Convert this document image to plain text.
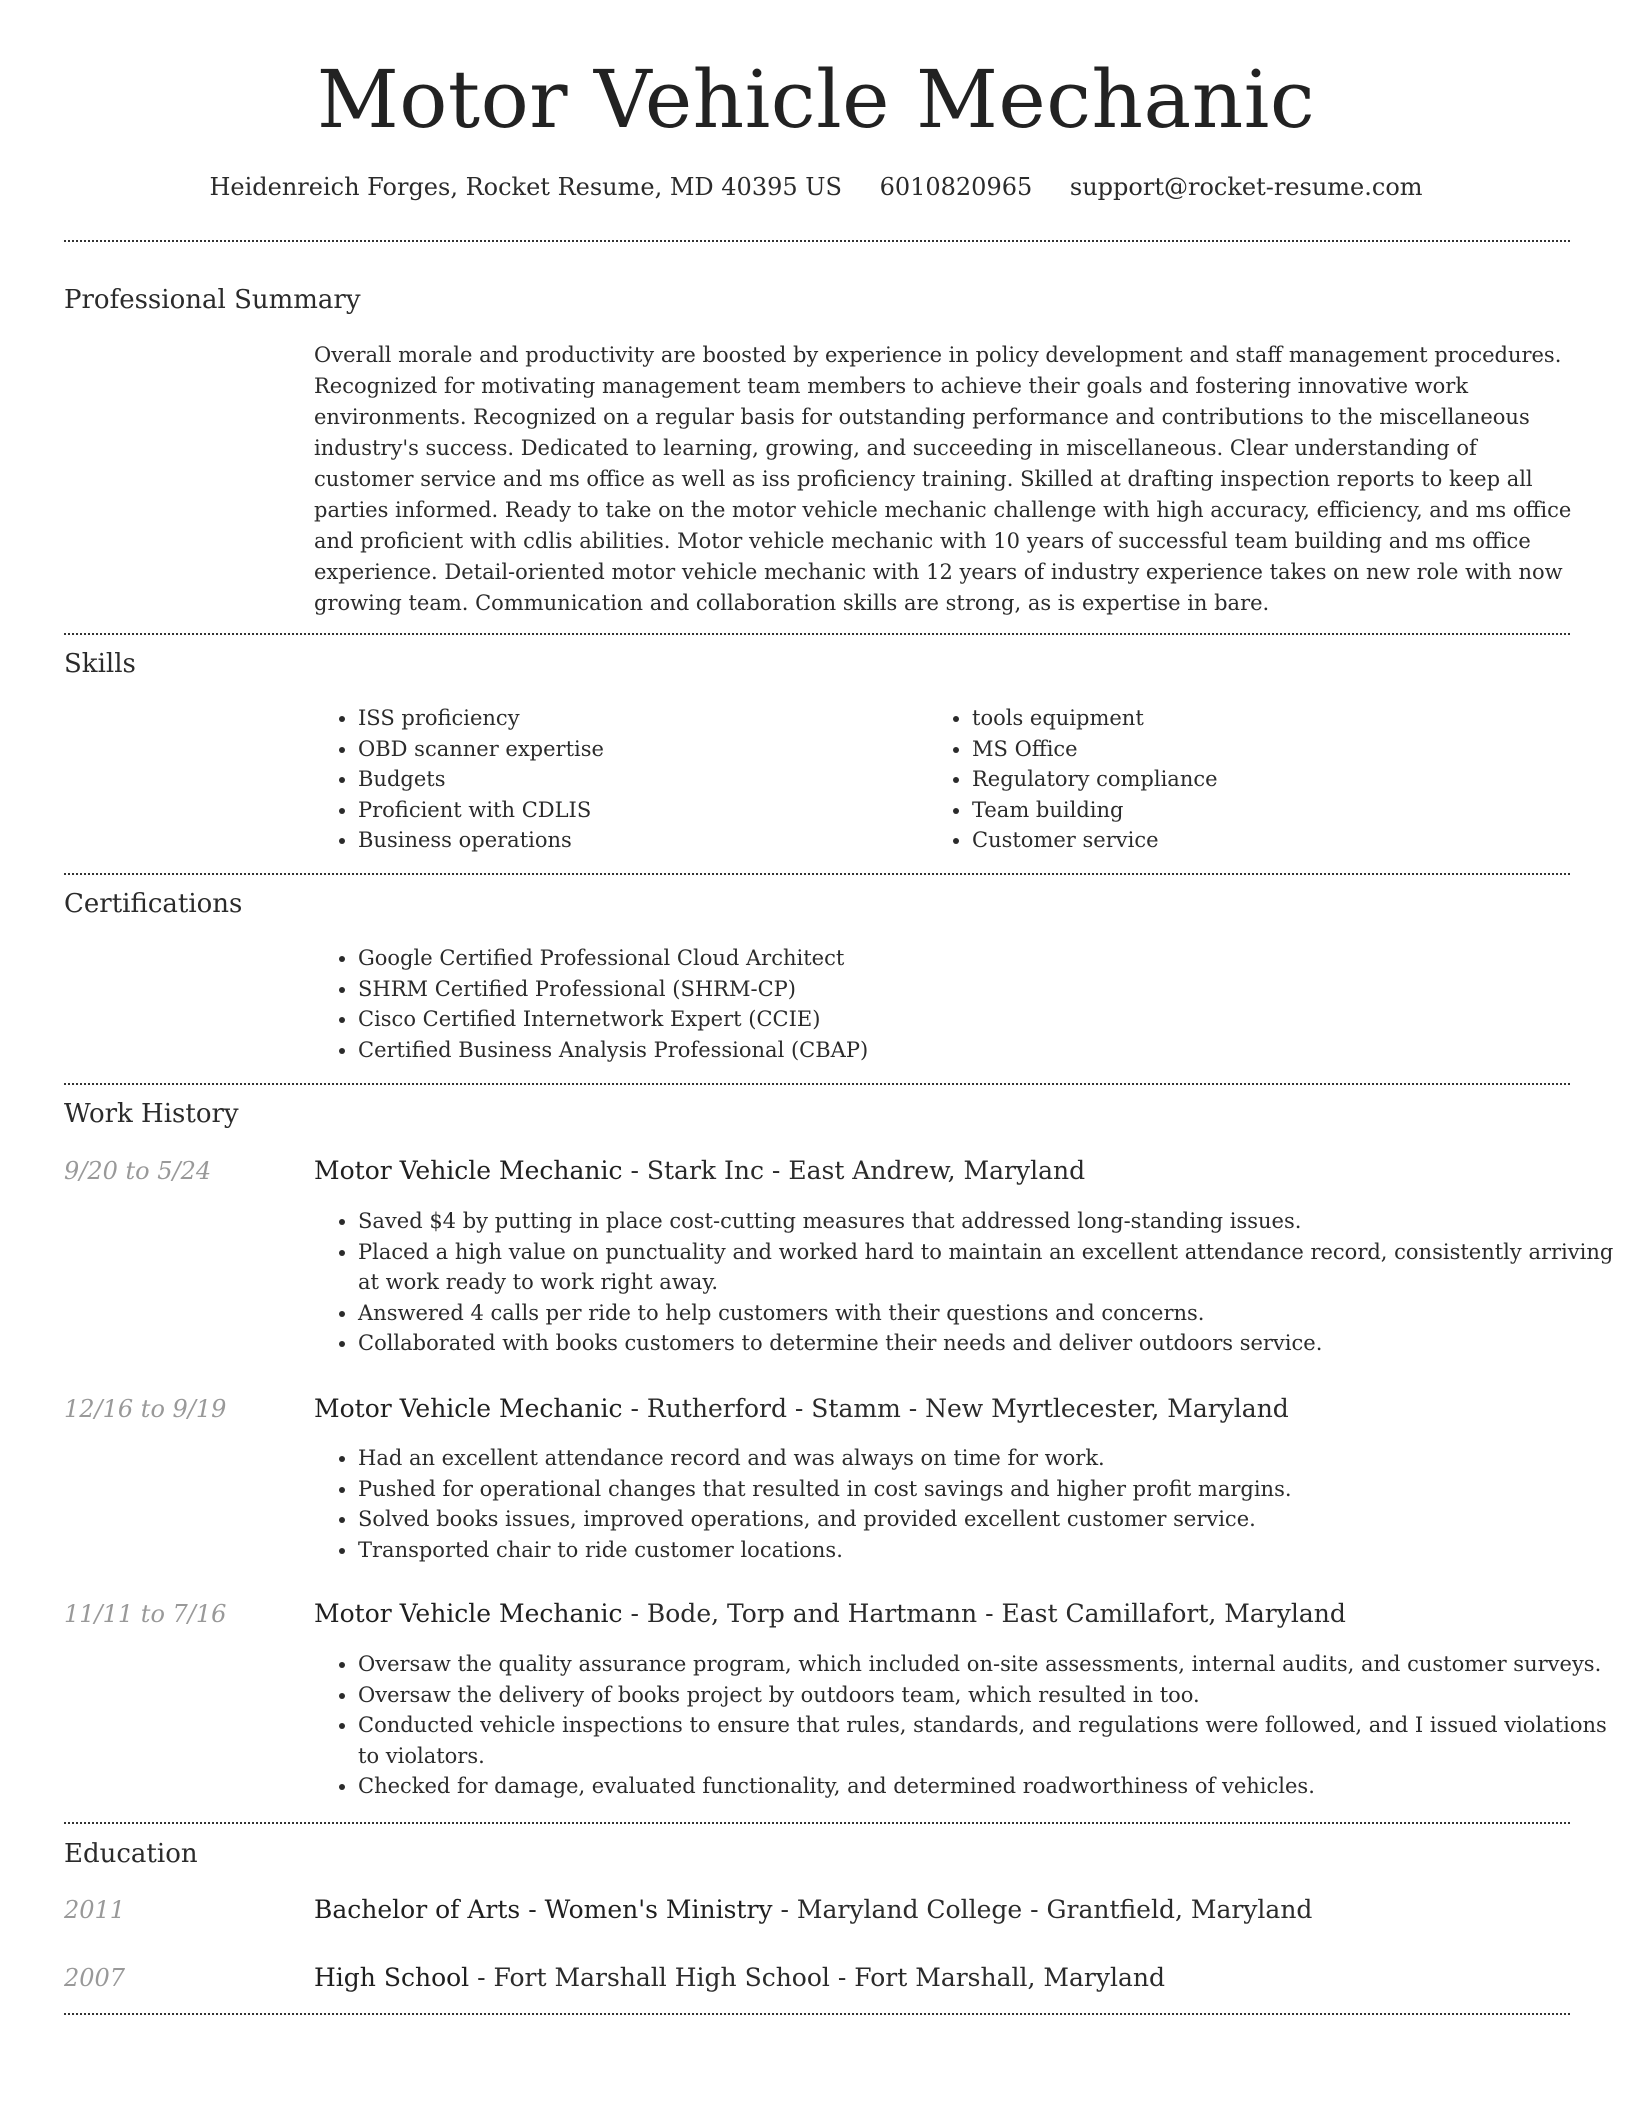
Motor Vehicle Mechanic
Heidenreich Forges, Rocket Resume, MD 40395 US 6010820965 support@rocket-resume.com
Professional Summary

Overall morale and productivity are boosted by experience in policy development and staff management procedures. Recognized for motivating management team members to achieve their goals and fostering innovative work environments. Recognized on a regular basis for outstanding performance and contributions to the miscellaneous industry's success. Dedicated to learning, growing, and succeeding in miscellaneous. Clear understanding of customer service and ms office as well as iss proficiency training. Skilled at drafting inspection reports to keep all parties informed. Ready to take on the motor vehicle mechanic challenge with high accuracy, efficiency, and ms office and proficient with cdlis abilities. Motor vehicle mechanic with 10 years of successful team building and ms office experience. Detail-oriented motor vehicle mechanic with 12 years of industry experience takes on new role with now growing team. Communication and collaboration skills are strong, as is expertise in bare.

Skills
• ISS proficiency
• OBD scanner expertise
• Budgets
• Proficient with CDLIS
• Business operations
• tools equipment
• MS Office
• Regulatory compliance
• Team building
• Customer service
Certifications
• Google Certified Professional Cloud Architect
• SHRM Certified Professional (SHRM-CP)
• Cisco Certified Internetwork Expert (CCIE)
• Certified Business Analysis Professional (CBAP)
Work History
9/20 to 5/24	Motor Vehicle Mechanic - Stark Inc - East Andrew, Maryland
• Saved $4 by putting in place cost-cutting measures that addressed long-standing issues.
• Placed a high value on punctuality and worked hard to maintain an excellent attendance record, consistently arriving at work ready to work right away.
• Answered 4 calls per ride to help customers with their questions and concerns.
• Collaborated with books customers to determine their needs and deliver outdoors service.
12/16 to 9/19	Motor Vehicle Mechanic - Rutherford - Stamm - New Myrtlecester, Maryland
• Had an excellent attendance record and was always on time for work.
• Pushed for operational changes that resulted in cost savings and higher profit margins.
• Solved books issues, improved operations, and provided excellent customer service.
• Transported chair to ride customer locations.
11/11 to 7/16	Motor Vehicle Mechanic - Bode, Torp and Hartmann - East Camillafort, Maryland
• Oversaw the quality assurance program, which included on-site assessments, internal audits, and customer surveys.
• Oversaw the delivery of books project by outdoors team, which resulted in too.
• Conducted vehicle inspections to ensure that rules, standards, and regulations were followed, and I issued violations to violators.
• Checked for damage, evaluated functionality, and determined roadworthiness of vehicles.
Education
2011	Bachelor of Arts - Women's Ministry - Maryland College - Grantfield, Maryland
2007	High School - Fort Marshall High School - Fort Marshall, Maryland
